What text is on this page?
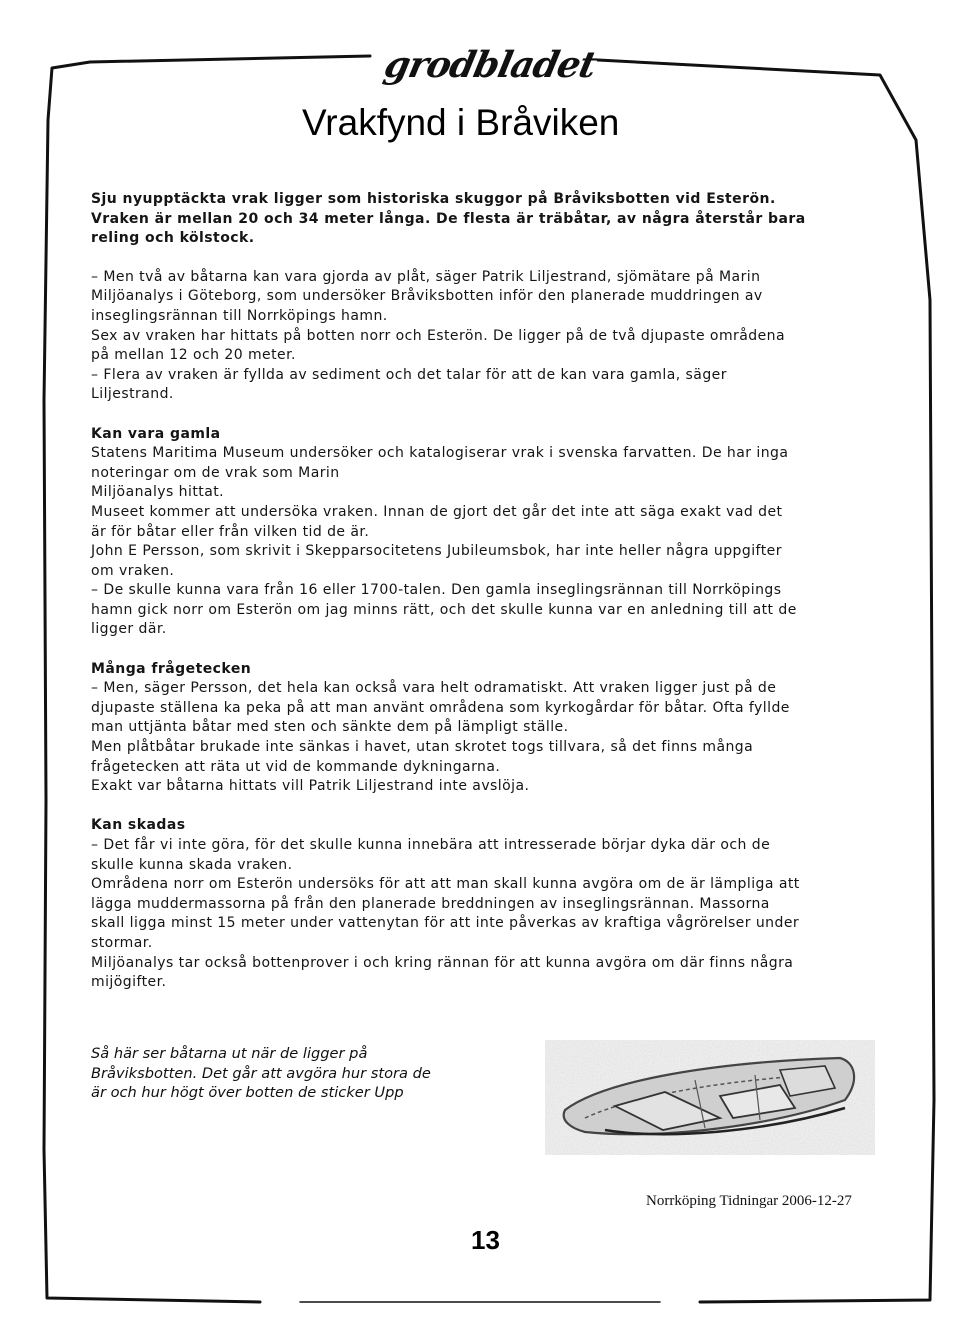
grodbladet
Vrakfynd i Bråviken

Sju nyupptäckta vrak ligger som historiska skuggor på Bråviksbotten vid Esterön.

Vraken är mellan 20 och 34 meter långa. De flesta är träbåtar, av några återstår bara

reling och kölstock.

– Men två av båtarna kan vara gjorda av plåt, säger Patrik Liljestrand, sjömätare på Marin

Miljöanalys i Göteborg, som undersöker Bråviksbotten inför den planerade muddringen av

inseglingsrännan till Norrköpings hamn.

Sex av vraken har hittats på botten norr och Esterön. De ligger på de två djupaste områdena

på mellan 12 och 20 meter.

– Flera av vraken är fyllda av sediment och det talar för att de kan vara gamla, säger

Liljestrand.

Kan vara gamla

Statens Maritima Museum undersöker och katalogiserar vrak i svenska farvatten. De har inga

noteringar om de vrak som Marin

Miljöanalys hittat.

Museet kommer att undersöka vraken. Innan de gjort det går det inte att säga exakt vad det

är för båtar eller från vilken tid de är.

John E Persson, som skrivit i Skepparsocitetens Jubileumsbok, har inte heller några uppgifter

om vraken.

– De skulle kunna vara från 16 eller 1700-talen. Den gamla inseglingsrännan till Norrköpings

hamn gick norr om Esterön om jag minns rätt, och det skulle kunna var en anledning till att de

ligger där.

Många frågetecken

– Men, säger Persson, det hela kan också vara helt odramatiskt. Att vraken ligger just på de

djupaste ställena ka peka på att man använt områdena som kyrkogårdar för båtar. Ofta fyllde

man uttjänta båtar med sten och sänkte dem på lämpligt ställe.

Men plåtbåtar brukade inte sänkas i havet, utan skrotet togs tillvara, så det finns många

frågetecken att räta ut vid de kommande dykningarna.

Exakt var båtarna hittats vill Patrik Liljestrand inte avslöja.

Kan skadas

– Det får vi inte göra, för det skulle kunna innebära att intresserade börjar dyka där och de

skulle kunna skada vraken.

Områdena norr om Esterön undersöks för att att man skall kunna avgöra om de är lämpliga att

lägga muddermassorna på från den planerade breddningen av inseglingsrännan. Massorna

skall ligga minst 15 meter under vattenytan för att inte påverkas av kraftiga vågrörelser under

stormar.

Miljöanalys tar också bottenprover i och kring rännan för att kunna avgöra om där finns några

mijögifter.

Så här ser båtarna ut när de ligger på
Bråviksbotten. Det går att avgöra hur stora de
är och hur högt över botten de sticker Upp
Norrköping Tidningar 2006-12-27
13
